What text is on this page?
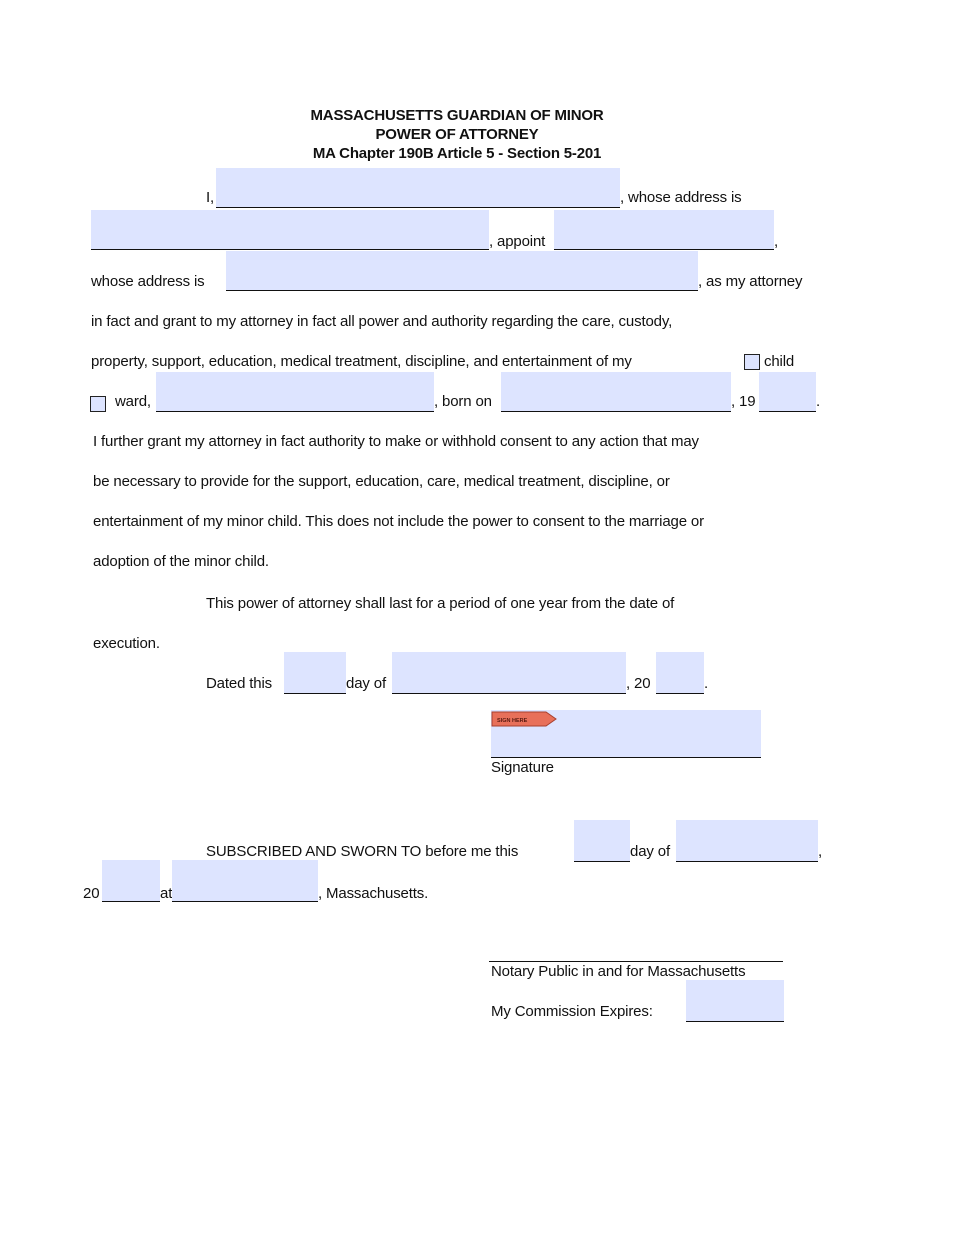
MASSACHUSETTS GUARDIAN OF MINOR
POWER OF ATTORNEY
MA Chapter 190B Article 5 - Section 5-201
I,	, whose address is
, appoint	,
whose address is	, as my attorney
in fact and grant to my attorney in fact all power and authority regarding the care, custody,
property, support, education, medical treatment, discipline, and entertainment of my	child
ward,	, born on	, 19	.
I further grant my attorney in fact authority to make or withhold consent to any action that may
be necessary to provide for the support, education, care, medical treatment, discipline, or
entertainment of my minor child. This does not include the power to consent to the marriage or
adoption of the minor child.
This power of attorney shall last for a period of one year from the date of
execution.
Dated this	day of	, 20	.
SIGN HERE
Signature
SUBSCRIBED AND SWORN TO before me this	day of	,
20	at	, Massachusetts.
Notary Public in and for Massachusetts
My Commission Expires:
